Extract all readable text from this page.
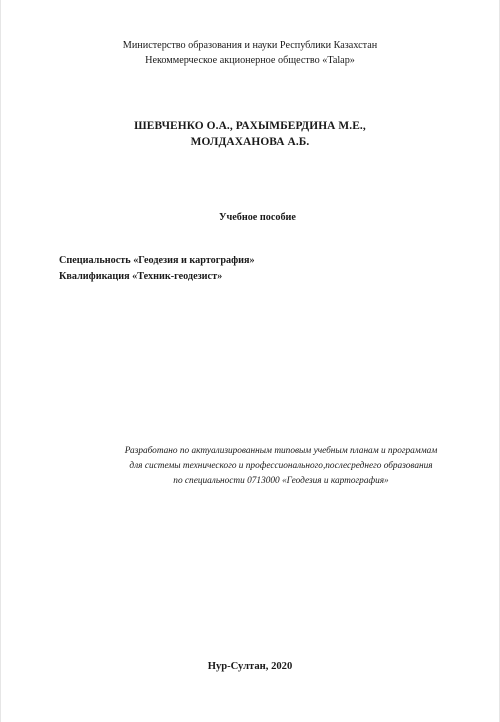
Министерство образования и науки Республики Казахстан
Некоммерческое акционерное общество «Talap»
ШЕВЧЕНКО О.А., РАХЫМБЕРДИНА М.Е.,
МОЛДАХАНОВА А.Б.
Учебное пособие
Специальность «Геодезия и картография»
Квалификация «Техник-геодезист»
Разработано по актуализированным типовым учебным планам и программам
для системы технического и профессионального,послесреднего образования
по специальности 0713000 «Геодезия и картография»
Нур-Султан, 2020
